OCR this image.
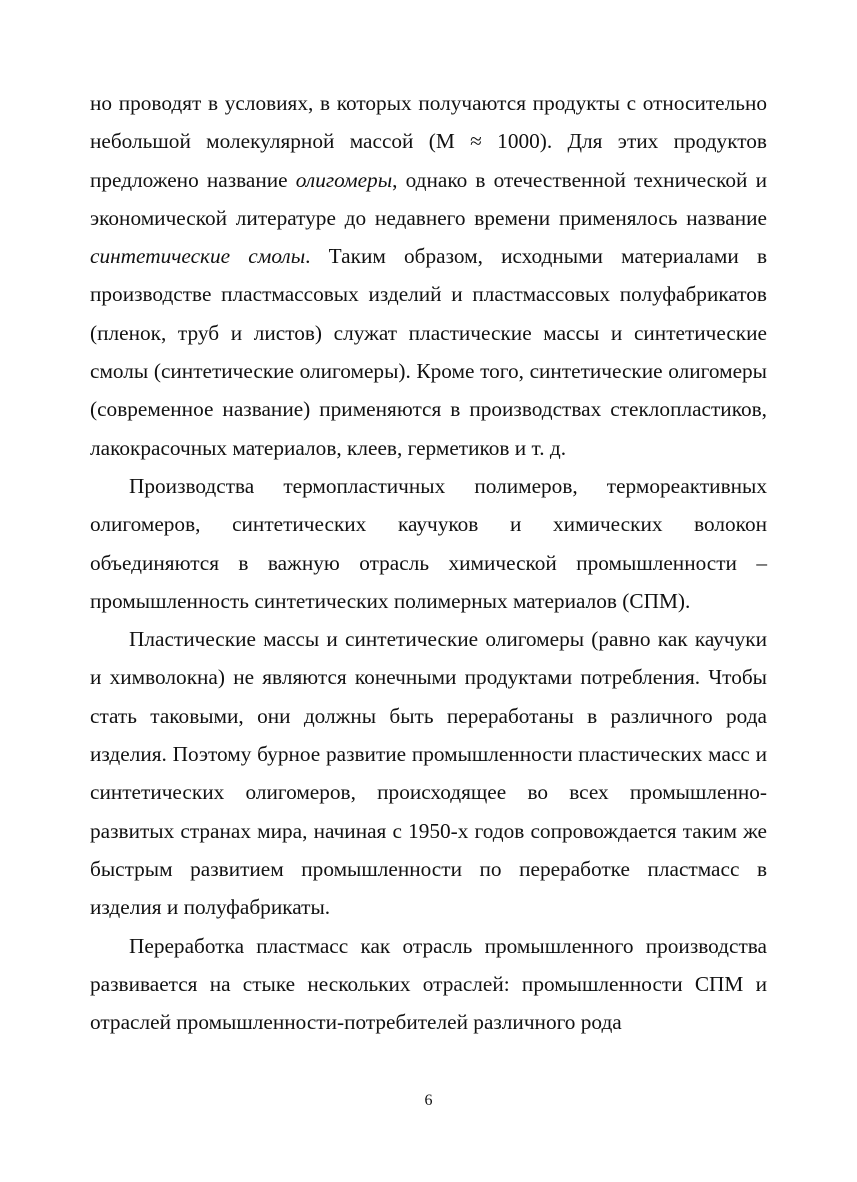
но проводят в условиях, в которых получаются продукты с относительно небольшой молекулярной массой (M ≈ 1000). Для этих продуктов предложено название олигомеры, однако в отечественной технической и экономической литературе до недавнего времени применялось название синтетические смолы. Таким образом, исходными материалами в производстве пластмассовых изделий и пластмассовых полуфабрикатов (пленок, труб и листов) служат пластические массы и синтетические смолы (синтетические олигомеры). Кроме того, синтетические олигомеры (современное название) применяются в производствах стеклопластиков, лакокрасочных материалов, клеев, герметиков и т. д.

Производства термопластичных полимеров, термореактивных олигомеров, синтетических каучуков и химических волокон объединяются в важную отрасль химической промышленности – промышленность синтетических полимерных материалов (СПМ).

Пластические массы и синтетические олигомеры (равно как каучуки и химволокна) не являются конечными продуктами потребления. Чтобы стать таковыми, они должны быть переработаны в различного рода изделия. Поэтому бурное развитие промышленности пластических масс и синтетических олигомеров, происходящее во всех промышленно-развитых странах мира, начиная с 1950-х годов сопровождается таким же быстрым развитием промышленности по переработке пластмасс в изделия и полуфабрикаты.

Переработка пластмасс как отрасль промышленного производства развивается на стыке нескольких отраслей: промышленности СПМ и отраслей промышленности-потребителей различного рода

6
